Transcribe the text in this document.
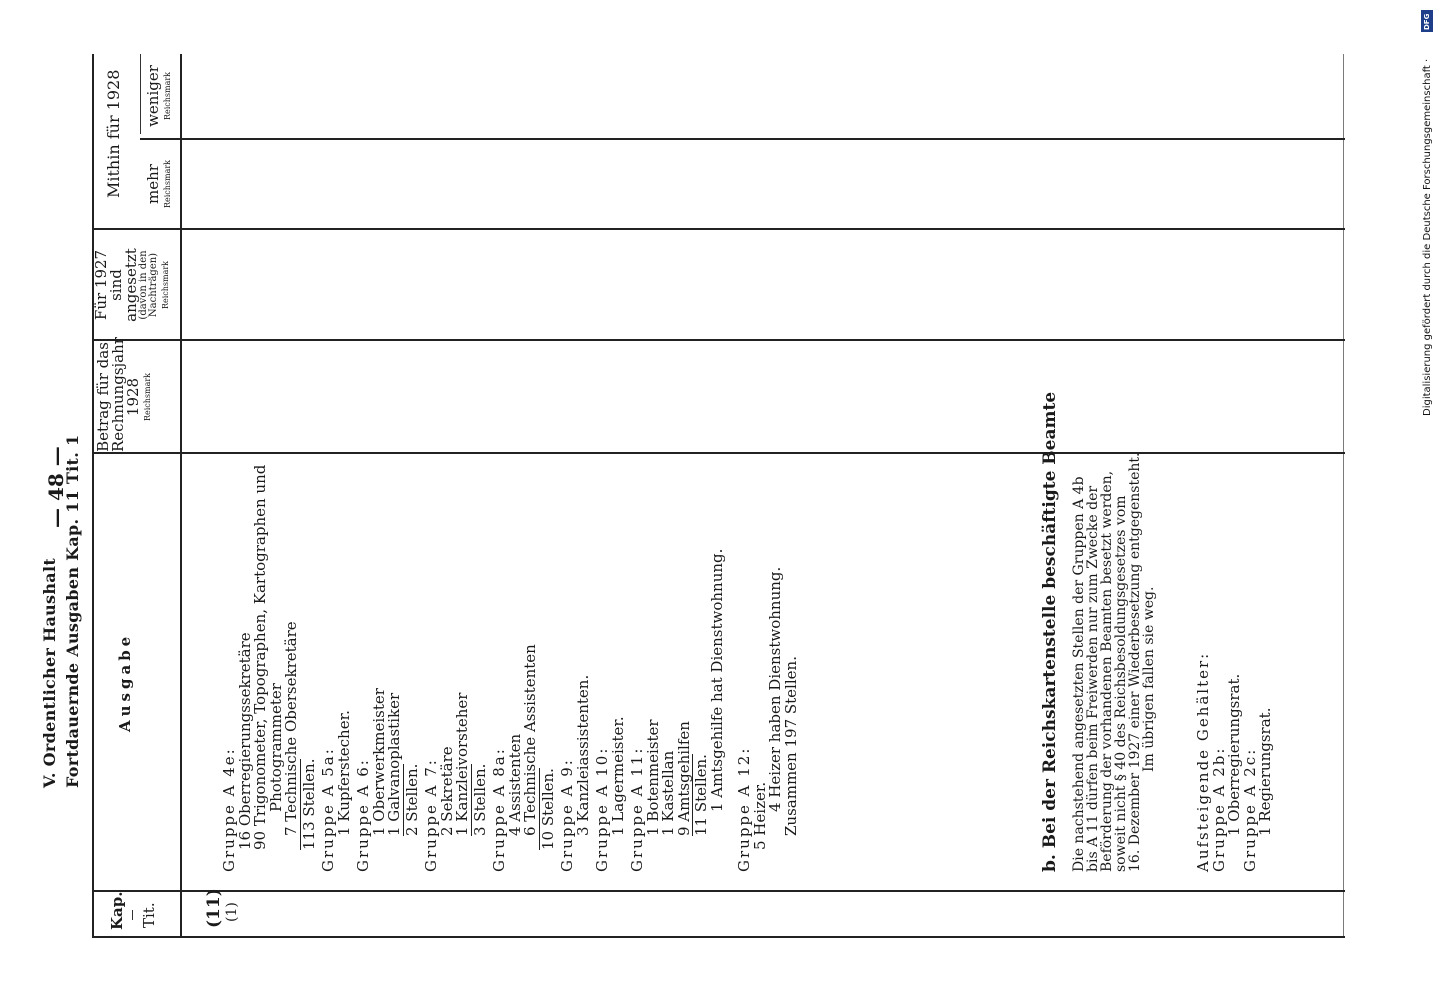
V. Ordentlicher Haushalt Fortdauernde Ausgaben Kap. 11 Tit. 1
— 48 —
Kap. Tit.
Ausgabe
Betrag für das
Rechnungsjahr
1928 Reichsmark
Für 1927
sind angesetzt
(davon in den Nachträgen) Reichsmark
Mithin für 1928 mehr Reichsmark
weniger Reichsmark
(11) (1)
Gruppe A 4e:
16 Oberregierungssekretäre
90 Trigonometer, Topographen, Kartographen und
Photogrammeter
7 Technische Obersekretäre 113 Stellen. Gruppe A 5a:
1 Kupferstecher. Gruppe A 6:
1 Oberwerkmeister
1 Galvanoplastiker 2 Stellen. Gruppe A 7:
2 Sekretäre
1 Kanzleivorsteher 3 Stellen. Gruppe A 8a:
4 Assistenten
6 Technische Assistenten 10 Stellen. Gruppe A 9:
3 Kanzleiassistenten. Gruppe A 10:
1 Lagermeister. Gruppe A 11:
1 Botenmeister
1 Kastellan
9 Amtsgehilfen 11 Stellen.
1 Amtsgehilfe hat Dienstwohnung. Gruppe A 12:
5 Heizer.
4 Heizer haben Dienstwohnung.
Zusammen 197 Stellen.	b. Bei der Reichskartenstelle beschäftigte Beamte Die nachstehend angesetzten Stellen der Gruppen A 4b
bis A 11 dürfen beim Freiwerden nur zum Zwecke der
Beförderung der vorhandenen Beamten besetzt werden,
soweit nicht § 40 des Reichsbesoldungsgesetzes vom
16. Dezember 1927 einer Wiederbesetzung entgegensteht.
Im übrigen fallen sie weg. Aufsteigende Gehälter:
Gruppe A 2b:
1 Oberregierungsrat.
Gruppe A 2c:
1 Regierungsrat.
DFG
Digitalisierung gefördert durch die Deutsche Forschungsgemeinschaft ·
